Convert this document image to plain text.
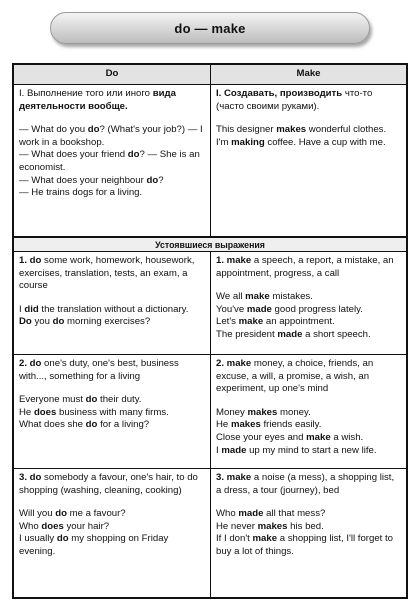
do — make
Do	Make

I. Выполнение того или иного вида деятельности вообще.

— What do you do? (What's your job?) — I work in a bookshop.

— What does your friend do? — She is an economist.

— What does your neighbour do?

— He trains dogs for a living.

I. Создавать, производить что-то (часто своими руками).

This designer makes wonderful clothes.

I'm making coffee. Have a cup with me.

Устоявшиеся выражения

1. do some work, homework, housework, exercises, translation, tests, an exam, a course

I did the translation without a dictionary.

Do you do morning exercises?

1. make a speech, a report, a mistake, an appointment, progress, a call

We all make mistakes.

You've made good progress lately.

Let's make an appointment.

The president made a short speech.

2. do one's duty, one's best, business with..., something for a living

Everyone must do their duty.

He does business with many firms.

What does she do for a living?

2. make money, a choice, friends, an excuse, a will, a promise, a wish, an experiment, up one's mind

Money makes money.

He makes friends easily.

Close your eyes and make a wish.

I made up my mind to start a new life.

3. do somebody a favour, one's hair, to do shopping (washing, cleaning, cooking)

Will you do me a favour?

Who does your hair?

I usually do my shopping on Friday evening.

3. make a noise (a mess), a shopping list, a dress, a tour (journey), bed

Who made all that mess?

He never makes his bed.

If I don't make a shopping list, I'll forget to buy a lot of things.
